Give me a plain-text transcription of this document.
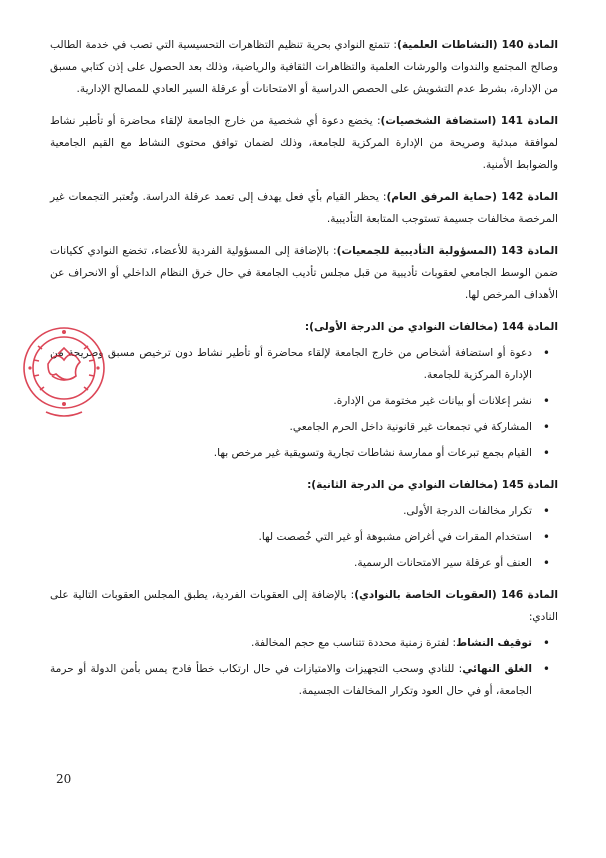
المادة 140 (النشاطات العلمية): تتمتع النوادي بحرية تنظيم التظاهرات التحسيسية التي تصب في خدمة الطالب وصالح المجتمع والندوات والورشات العلمية والتظاهرات الثقافية والرياضية، وذلك بعد الحصول على إذن كتابي مسبق من الإدارة، بشرط عدم التشويش على الحصص الدراسية أو الامتحانات أو عرقلة السير العادي للمصالح الإدارية.

المادة 141 (استضافة الشخصيات): يخضع دعوة أي شخصية من خارج الجامعة لإلقاء محاضرة أو تأطير نشاط لموافقة مبدئية وصريحة من الإدارة المركزية للجامعة، وذلك لضمان توافق محتوى النشاط مع القيم الجامعية والضوابط الأمنية.

المادة 142 (حماية المرفق العام): يحظر القيام بأي فعل يهدف إلى تعمد عرقلة الدراسة. وتُعتبر التجمعات غير المرخصة مخالفات جسيمة تستوجب المتابعة التأديبية.

المادة 143 (المسؤولية التأديبية للجمعيات): بالإضافة إلى المسؤولية الفردية للأعضاء، تخضع النوادي ككيانات ضمن الوسط الجامعي لعقوبات تأديبية من قبل مجلس تأديب الجامعة في حال خرق النظام الداخلي أو الانحراف عن الأهداف المرخص لها.

المادة 144 (مخالفات النوادي من الدرجة الأولى):

• دعوة أو استضافة أشخاص من خارج الجامعة لإلقاء محاضرة أو تأطير نشاط دون ترخيص مسبق وصريحة من الإدارة المركزية للجامعة.
• نشر إعلانات أو بيانات غير مختومة من الإدارة.
• المشاركة في تجمعات غير قانونية داخل الحرم الجامعي.
• القيام بجمع تبرعات أو ممارسة نشاطات تجارية وتسويقية غير مرخص بها.

المادة 145 (مخالفات النوادي من الدرجة الثانية):

• تكرار مخالفات الدرجة الأولى.
• استخدام المقرات في أغراض مشبوهة أو غير التي خُصصت لها.
• العنف أو عرقلة سير الامتحانات الرسمية.

المادة 146 (العقوبات الخاصة بالنوادي): بالإضافة إلى العقوبات الفردية، يطبق المجلس العقوبات التالية على النادي:

• توقيف النشاط: لفترة زمنية محددة تتناسب مع حجم المخالفة.
• الغلق النهائي: للنادي وسحب التجهيزات والامتيازات في حال ارتكاب خطأ فادح يمس بأمن الدولة أو حرمة الجامعة، أو في حال العود وتكرار المخالفات الجسيمة.
20
